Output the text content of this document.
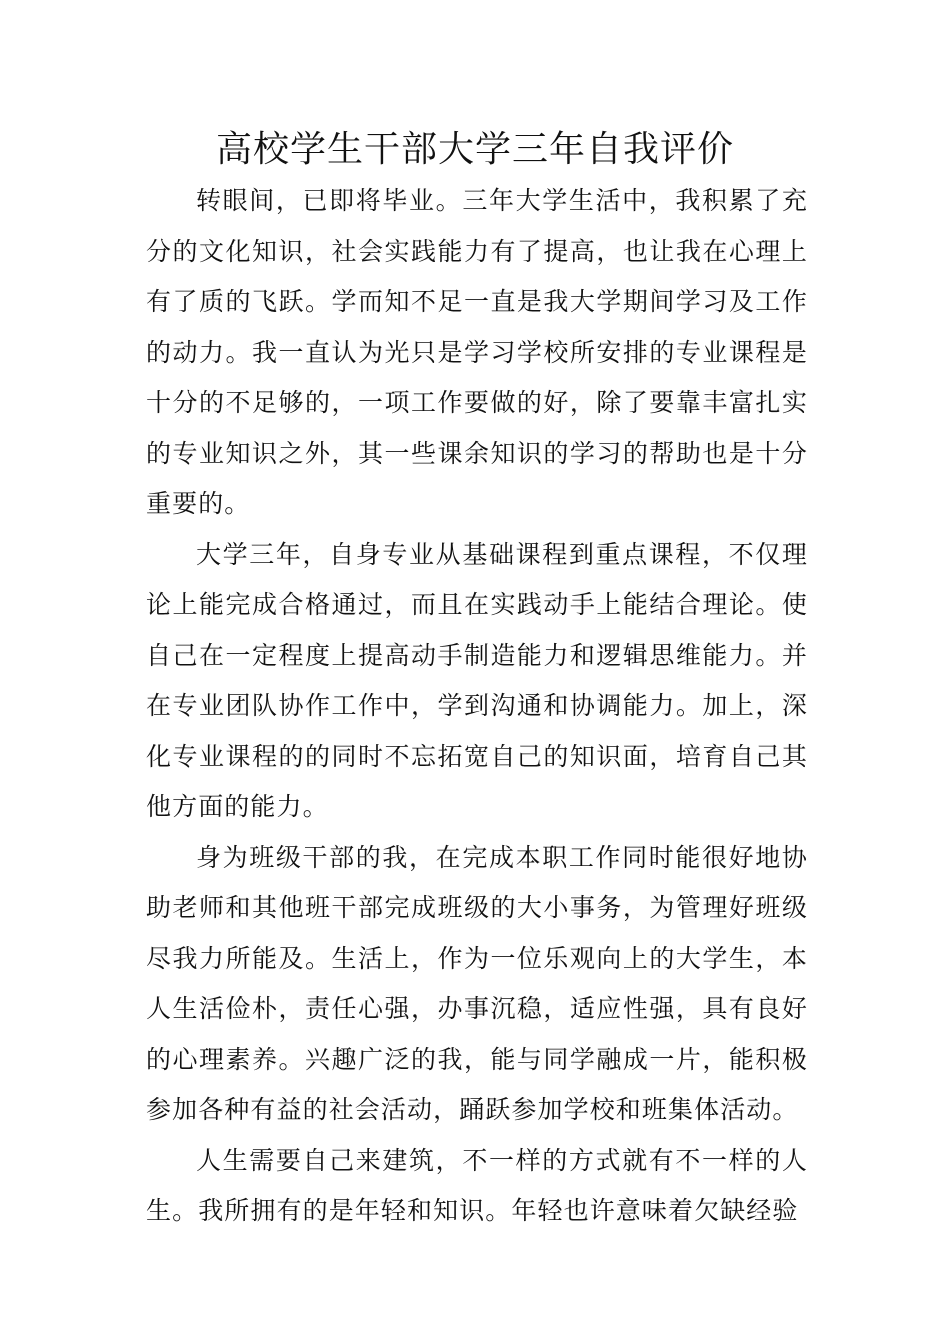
高校学生干部大学三年自我评价

转眼间，已即将毕业。三年大学生活中，我积累了充分的文化知识，社会实践能力有了提高，也让我在心理上有了质的飞跃。学而知不足一直是我大学期间学习及工作的动力。我一直认为光只是学习学校所安排的专业课程是十分的不足够的，一项工作要做的好，除了要靠丰富扎实的专业知识之外，其一些课余知识的学习的帮助也是十分重要的。

大学三年，自身专业从基础课程到重点课程，不仅理论上能完成合格通过，而且在实践动手上能结合理论。使自己在一定程度上提高动手制造能力和逻辑思维能力。并在专业团队协作工作中，学到沟通和协调能力。加上，深化专业课程的的同时不忘拓宽自己的知识面，培育自己其他方面的能力。

身为班级干部的我，在完成本职工作同时能很好地协助老师和其他班干部完成班级的大小事务，为管理好班级尽我力所能及。生活上，作为一位乐观向上的大学生，本人生活俭朴，责任心强，办事沉稳，适应性强，具有良好的心理素养。兴趣广泛的我，能与同学融成一片，能积极参加各种有益的社会活动，踊跃参加学校和班集体活动。

人生需要自己来建筑，不一样的方式就有不一样的人生。我所拥有的是年轻和知识。年轻也许意味着欠缺经验
